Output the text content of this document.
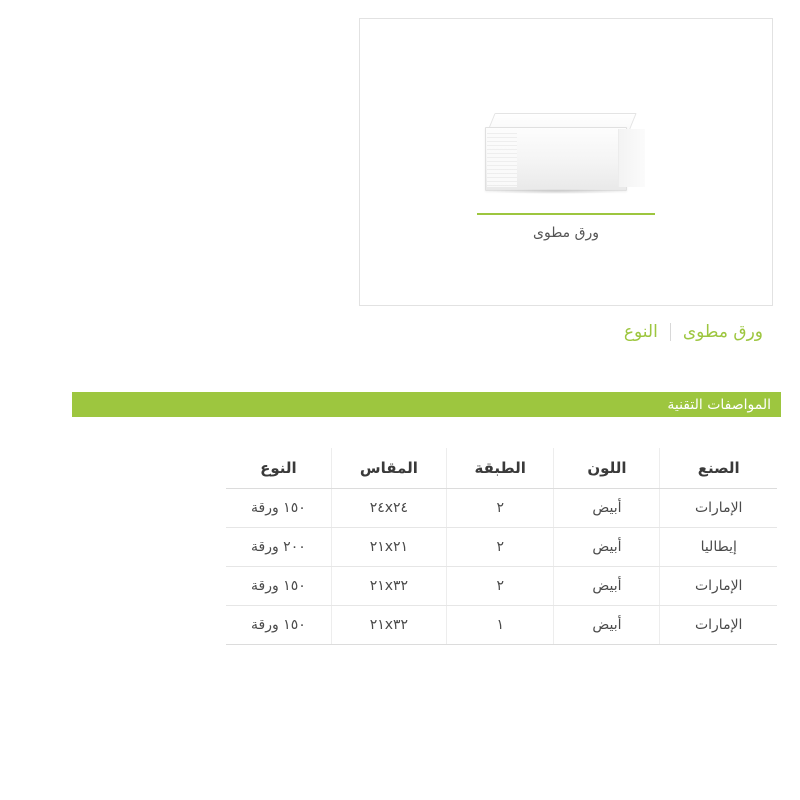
ورق مطوى
ورق مطوى
النوع
المواصفات التقنية
الصنع	اللون	الطبقة	المقاس	النوع
الإمارات	أبيض	٢	٢٤x٢٤	١٥٠ ورقة
إيطاليا	أبيض	٢	٢١x٢١	٢٠٠ ورقة
الإمارات	أبيض	٢	٢١x٣٢	١٥٠ ورقة
الإمارات	أبيض	١	٢١x٣٢	١٥٠ ورقة
